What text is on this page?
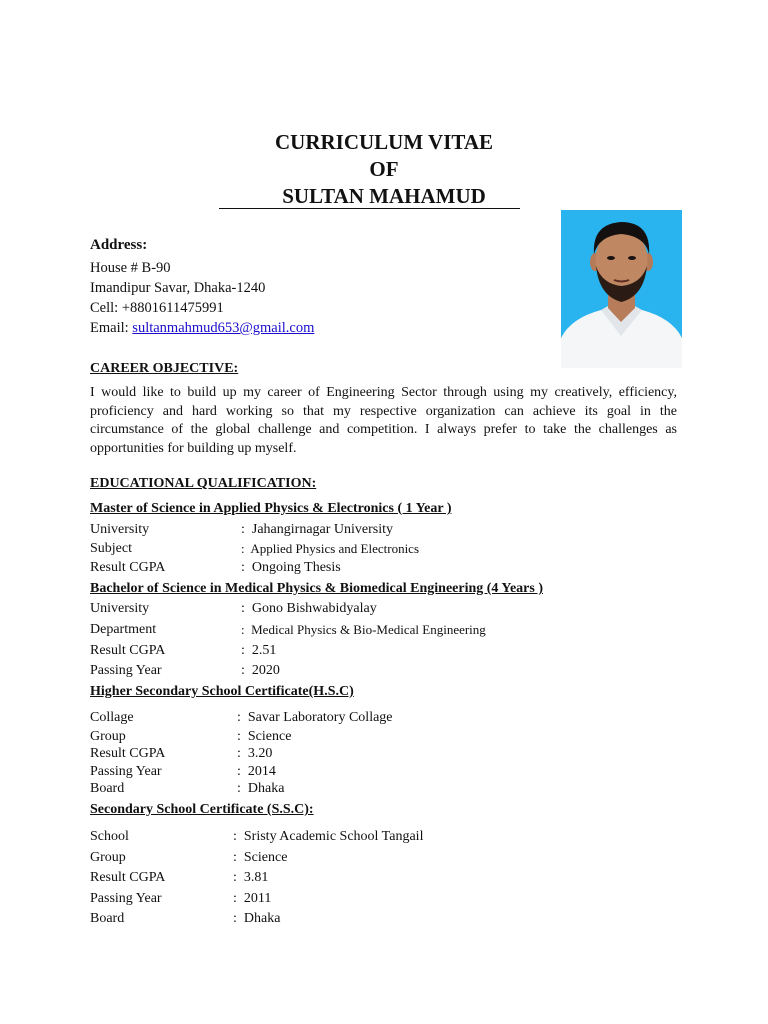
CURRICULUM VITAE
OF
SULTAN MAHAMUD
Address:
House # B-90
Imandipur Savar, Dhaka-1240
Cell: +8801611475991
Email: sultanmahmud653@gmail.com
CAREER OBJECTIVE:
I would like to build up my career of Engineering Sector through using my creatively, efficiency, proficiency and hard working so that my respective organization can achieve its goal in the circumstance of the global challenge and competition. I always prefer to take the challenges as opportunities for building up myself.
EDUCATIONAL QUALIFICATION:
Master of Science in Applied Physics & Electronics ( 1 Year )
University	:  Jahangirnagar University
Subject	:  Applied Physics and Electronics
Result CGPA	:  Ongoing Thesis
Bachelor of Science in Medical Physics & Biomedical Engineering (4 Years )
University	:  Gono Bishwabidyalay
Department	:  Medical Physics & Bio-Medical Engineering
Result CGPA	:  2.51
Passing Year	:  2020
Higher Secondary School Certificate(H.S.C)
Collage	:  Savar Laboratory Collage
Group	:  Science
Result CGPA	:  3.20
Passing Year	:  2014
Board	:  Dhaka
Secondary School Certificate (S.S.C):
School	:  Sristy Academic School Tangail
Group	:  Science
Result CGPA	:  3.81
Passing Year	:  2011
Board	:  Dhaka
